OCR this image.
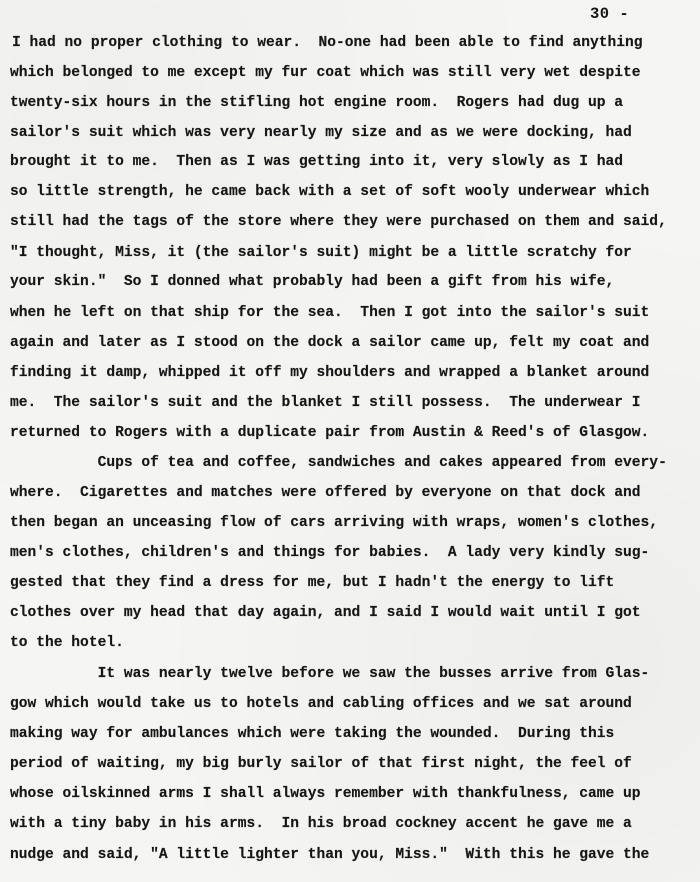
30 -
I had no proper clothing to wear.  No-one had been able to find anything
which belonged to me except my fur coat which was still very wet despite
twenty-six hours in the stifling hot engine room.  Rogers had dug up a
sailor's suit which was very nearly my size and as we were docking, had
brought it to me.  Then as I was getting into it, very slowly as I had
so little strength, he came back with a set of soft wooly underwear which
still had the tags of the store where they were purchased on them and said,
"I thought, Miss, it (the sailor's suit) might be a little scratchy for
your skin."  So I donned what probably had been a gift from his wife,
when he left on that ship for the sea.  Then I got into the sailor's suit
again and later as I stood on the dock a sailor came up, felt my coat and
finding it damp, whipped it off my shoulders and wrapped a blanket around
me.  The sailor's suit and the blanket I still possess.  The underwear I
returned to Rogers with a duplicate pair from Austin & Reed's of Glasgow.
Cups of tea and coffee, sandwiches and cakes appeared from every-
where.  Cigarettes and matches were offered by everyone on that dock and
then began an unceasing flow of cars arriving with wraps, women's clothes,
men's clothes, children's and things for babies.  A lady very kindly sug-
gested that they find a dress for me, but I hadn't the energy to lift
clothes over my head that day again, and I said I would wait until I got
to the hotel.
It was nearly twelve before we saw the busses arrive from Glas-
gow which would take us to hotels and cabling offices and we sat around
making way for ambulances which were taking the wounded.  During this
period of waiting, my big burly sailor of that first night, the feel of
whose oilskinned arms I shall always remember with thankfulness, came up
with a tiny baby in his arms.  In his broad cockney accent he gave me a
nudge and said, "A little lighter than you, Miss."  With this he gave the
